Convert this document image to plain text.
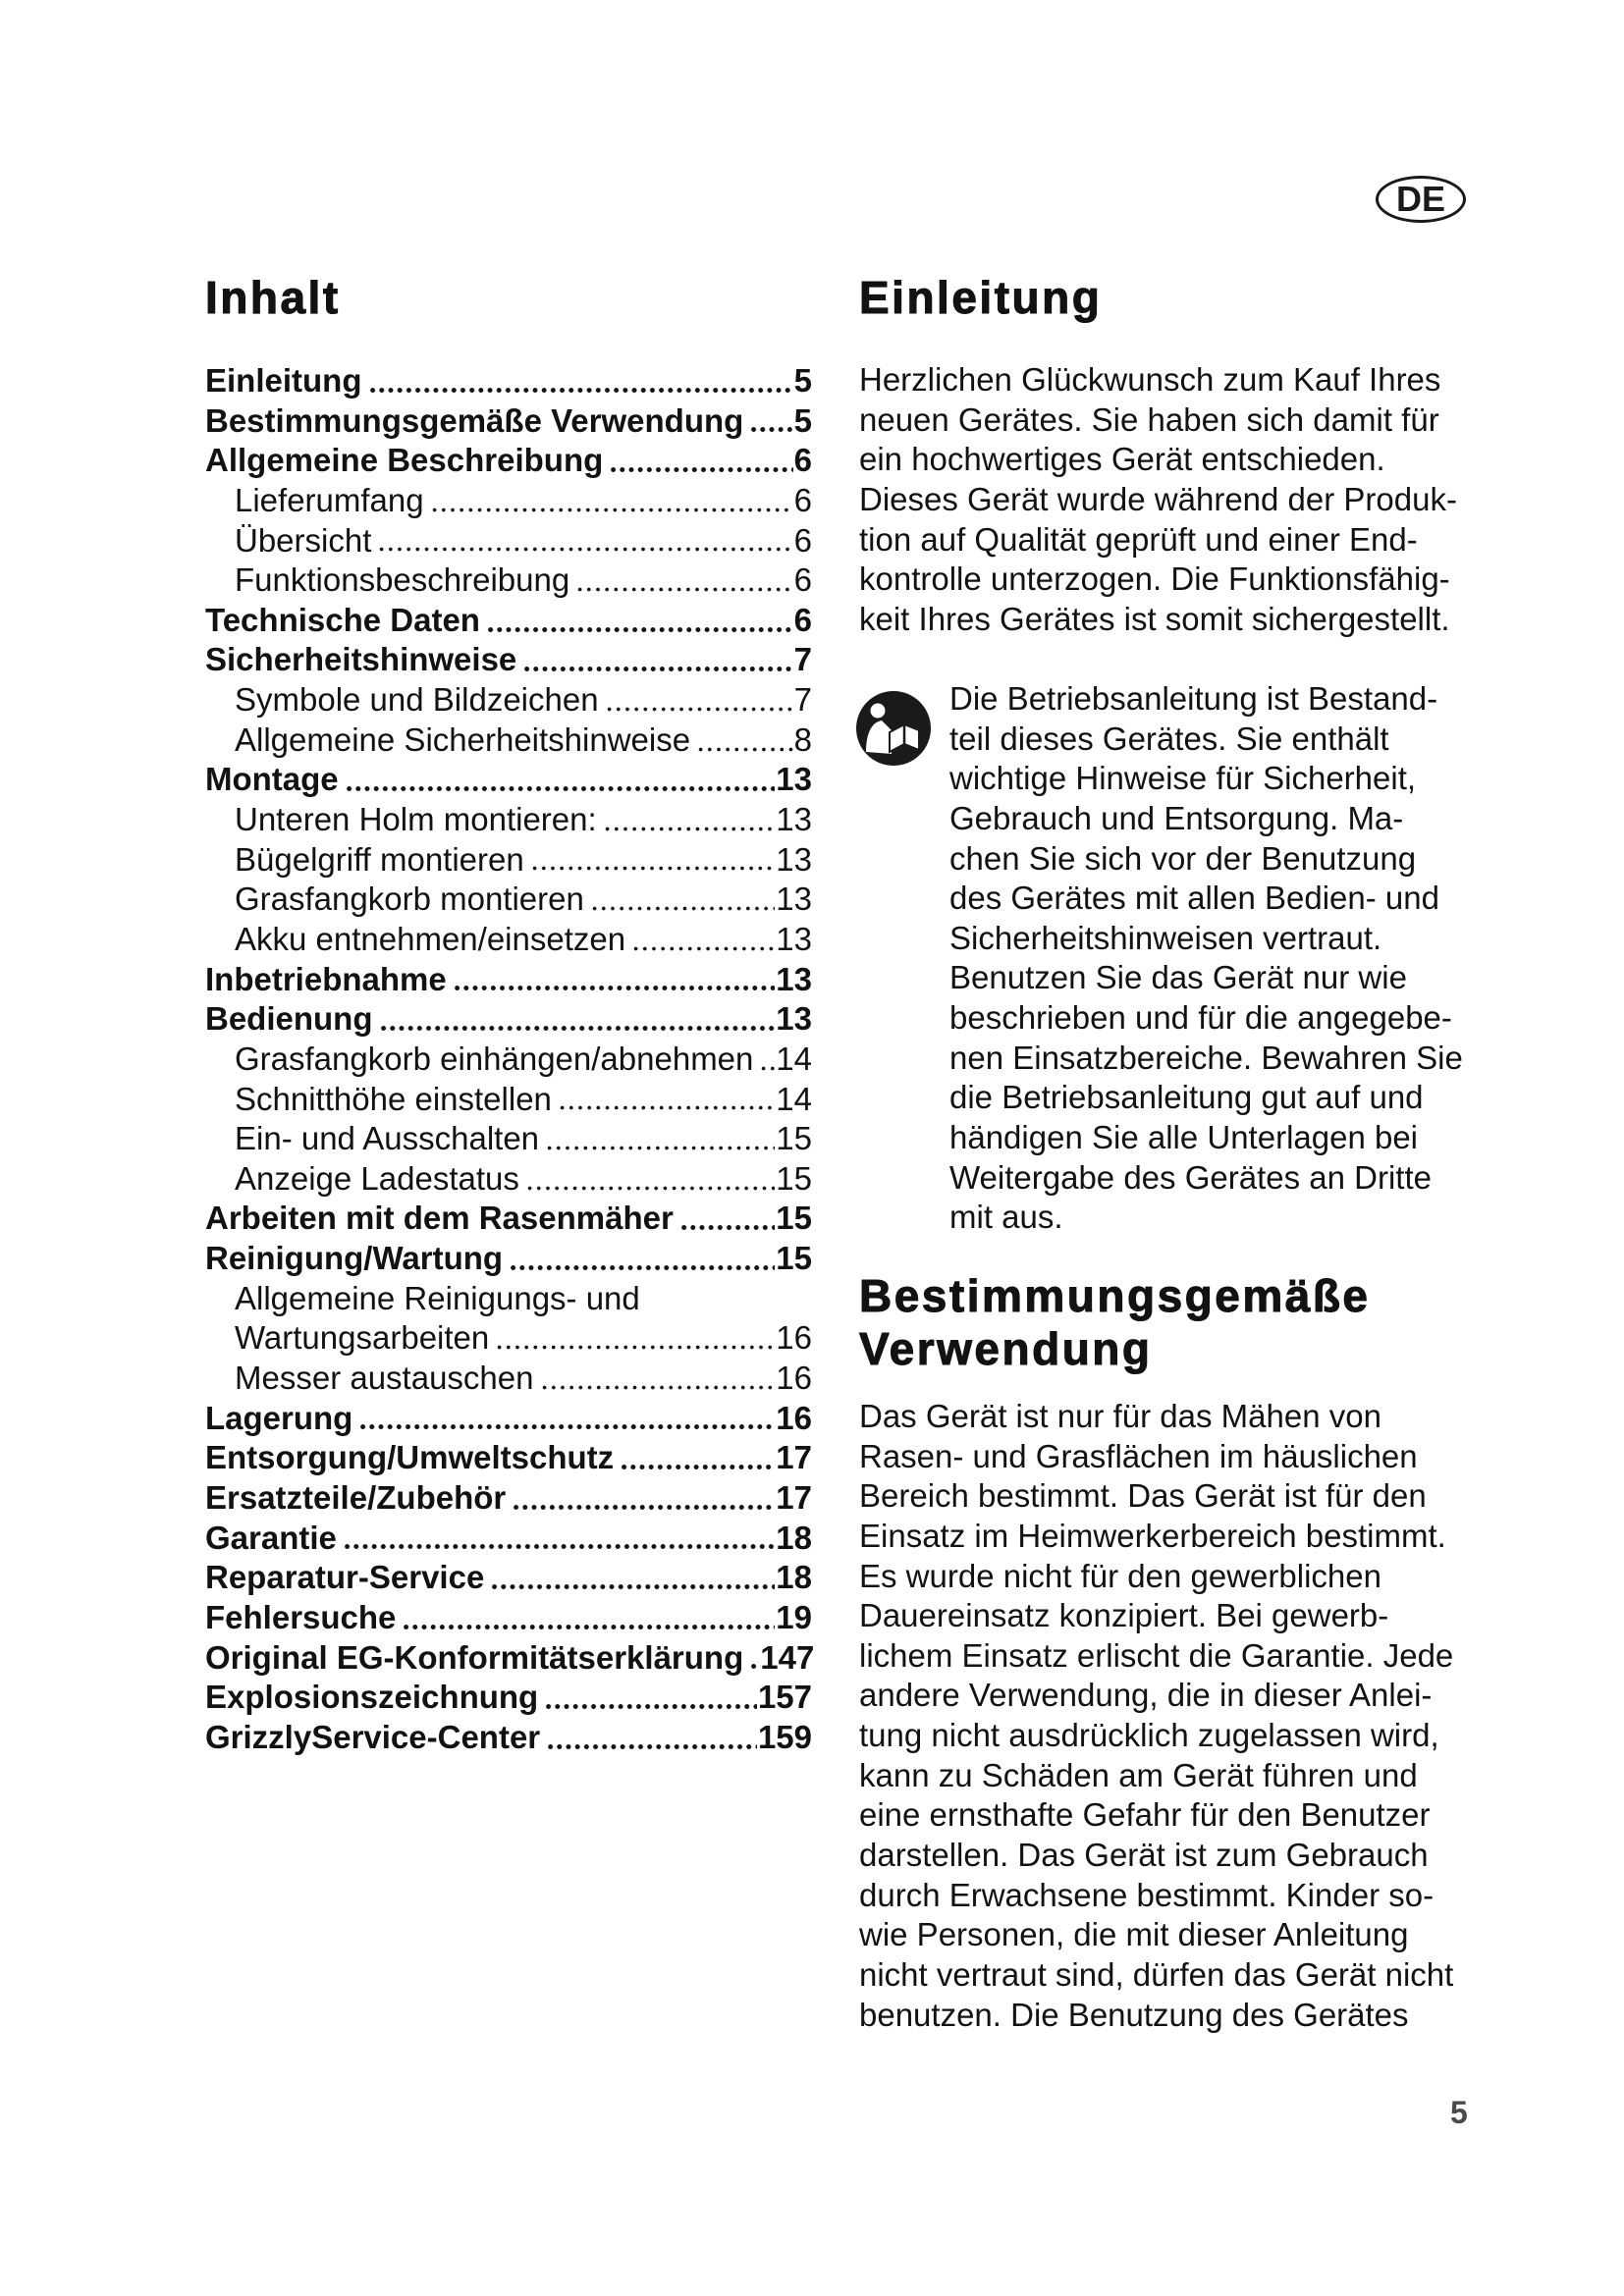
DE
Inhalt
Einleitung	5
Bestimmungsgemäße Verwendung 5
Allgemeine Beschreibung	6
Lieferumfang	6
Übersicht	6
Funktionsbeschreibung	6
Technische Daten	6
Sicherheitshinweise	7
Symbole und Bildzeichen	7
Allgemeine Sicherheitshinweise	8
Montage	13
Unteren Holm montieren:	13
Bügelgriff montieren	13
Grasfangkorb montieren	13
Akku entnehmen/einsetzen	13
Inbetriebnahme	13
Bedienung	13
Grasfangkorb einhängen/abnehmen 14
Schnitthöhe einstellen	14
Ein- und Ausschalten	15
Anzeige Ladestatus	15
Arbeiten mit dem Rasenmäher	15
Reinigung/Wartung	15
Allgemeine Reinigungs- und
Wartungsarbeiten	16
Messer austauschen	16
Lagerung	16
Entsorgung/Umweltschutz	17
Ersatzteile/Zubehör	17
Garantie	18
Reparatur-Service	18
Fehlersuche	19
Original EG-Konformitätserklärung 147
Explosionszeichnung	157
GrizzlyService-Center	159
Einleitung
Herzlichen Glückwunsch zum Kauf Ihres
neuen Gerätes. Sie haben sich damit für
ein hochwertiges Gerät entschieden.
Dieses Gerät wurde während der Produk-
tion auf Qualität geprüft und einer End-
kontrolle unterzogen. Die Funktionsfähig-
keit Ihres Gerätes ist somit sichergestellt.
Die Betriebsanleitung ist Bestand-
teil dieses Gerätes. Sie enthält
wichtige Hinweise für Sicherheit,
Gebrauch und Entsorgung. Ma-
chen Sie sich vor der Benutzung
des Gerätes mit allen Bedien- und
Sicherheitshinweisen vertraut.
Benutzen Sie das Gerät nur wie
beschrieben und für die angegebe-
nen Einsatzbereiche. Bewahren Sie
die Betriebsanleitung gut auf und
händigen Sie alle Unterlagen bei
Weitergabe des Gerätes an Dritte
mit aus.
Bestimmungsgemäße
Verwendung
Das Gerät ist nur für das Mähen von
Rasen- und Grasflächen im häuslichen
Bereich bestimmt. Das Gerät ist für den
Einsatz im Heimwerkerbereich bestimmt.
Es wurde nicht für den gewerblichen
Dauereinsatz konzipiert. Bei gewerb-
lichem Einsatz erlischt die Garantie. Jede
andere Verwendung, die in dieser Anlei-
tung nicht ausdrücklich zugelassen wird,
kann zu Schäden am Gerät führen und
eine ernsthafte Gefahr für den Benutzer
darstellen. Das Gerät ist zum Gebrauch
durch Erwachsene bestimmt. Kinder so-
wie Personen, die mit dieser Anleitung
nicht vertraut sind, dürfen das Gerät nicht
benutzen. Die Benutzung des Gerätes
5
